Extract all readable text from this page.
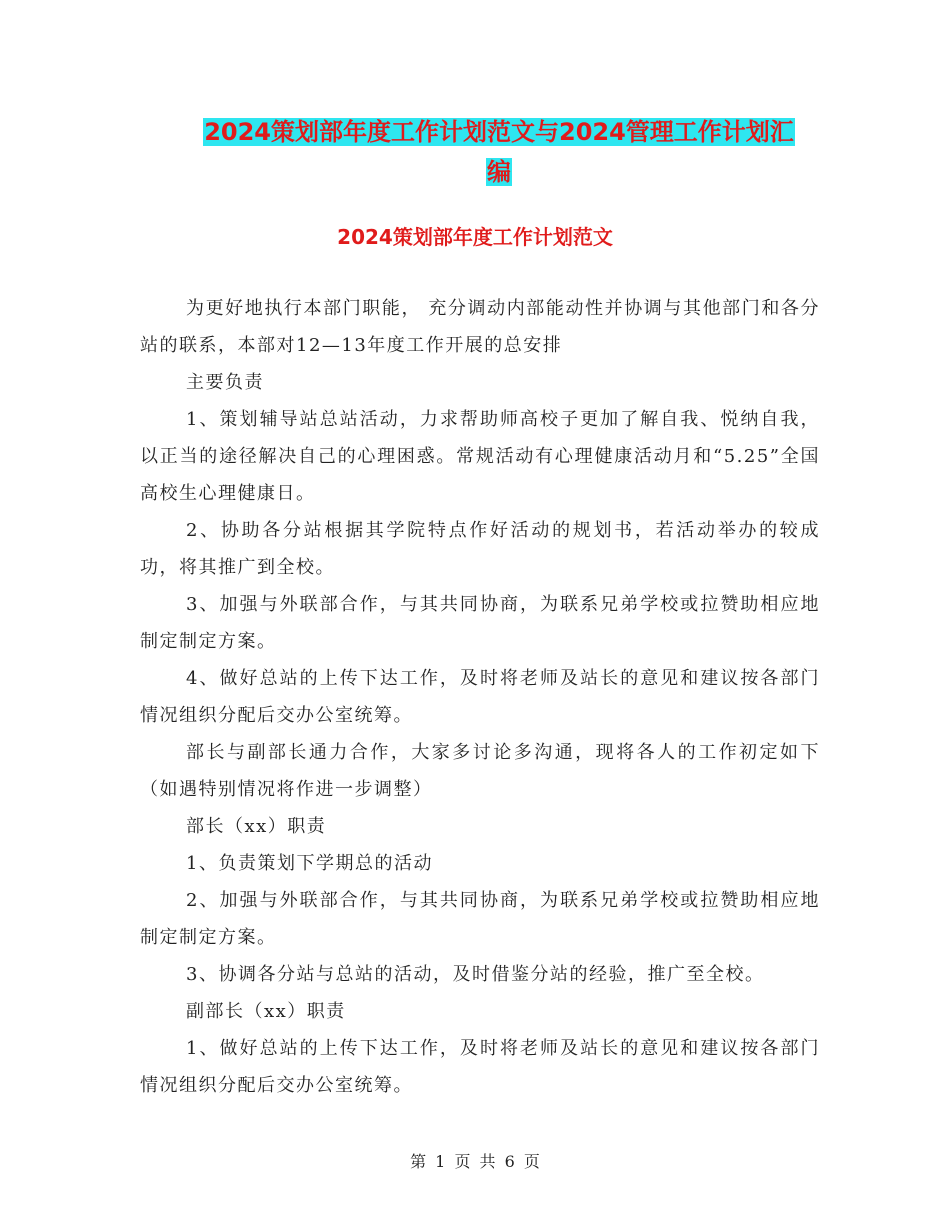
2024策划部年度工作计划范文与2024管理工作计划汇
编
2024策划部年度工作计划范文

为更好地执行本部门职能， 充分调动内部能动性并协调与其他部门和各分站的联系，本部对12—13年度工作开展的总安排

主要负责

1、策划辅导站总站活动，力求帮助师高校子更加了解自我、悦纳自我，以正当的途径解决自己的心理困惑。常规活动有心理健康活动月和“5.25”全国高校生心理健康日。

2、协助各分站根据其学院特点作好活动的规划书，若活动举办的较成功，将其推广到全校。

3、加强与外联部合作，与其共同协商，为联系兄弟学校或拉赞助相应地制定制定方案。

4、做好总站的上传下达工作，及时将老师及站长的意见和建议按各部门情况组织分配后交办公室统筹。

部长与副部长通力合作，大家多讨论多沟通，现将各人的工作初定如下（如遇特别情况将作进一步调整）

部长（xx）职责

1、负责策划下学期总的活动

2、加强与外联部合作，与其共同协商，为联系兄弟学校或拉赞助相应地制定制定方案。

3、协调各分站与总站的活动，及时借鉴分站的经验，推广至全校。

副部长（xx）职责

1、做好总站的上传下达工作，及时将老师及站长的意见和建议按各部门情况组织分配后交办公室统筹。

第 1 页 共 6 页
